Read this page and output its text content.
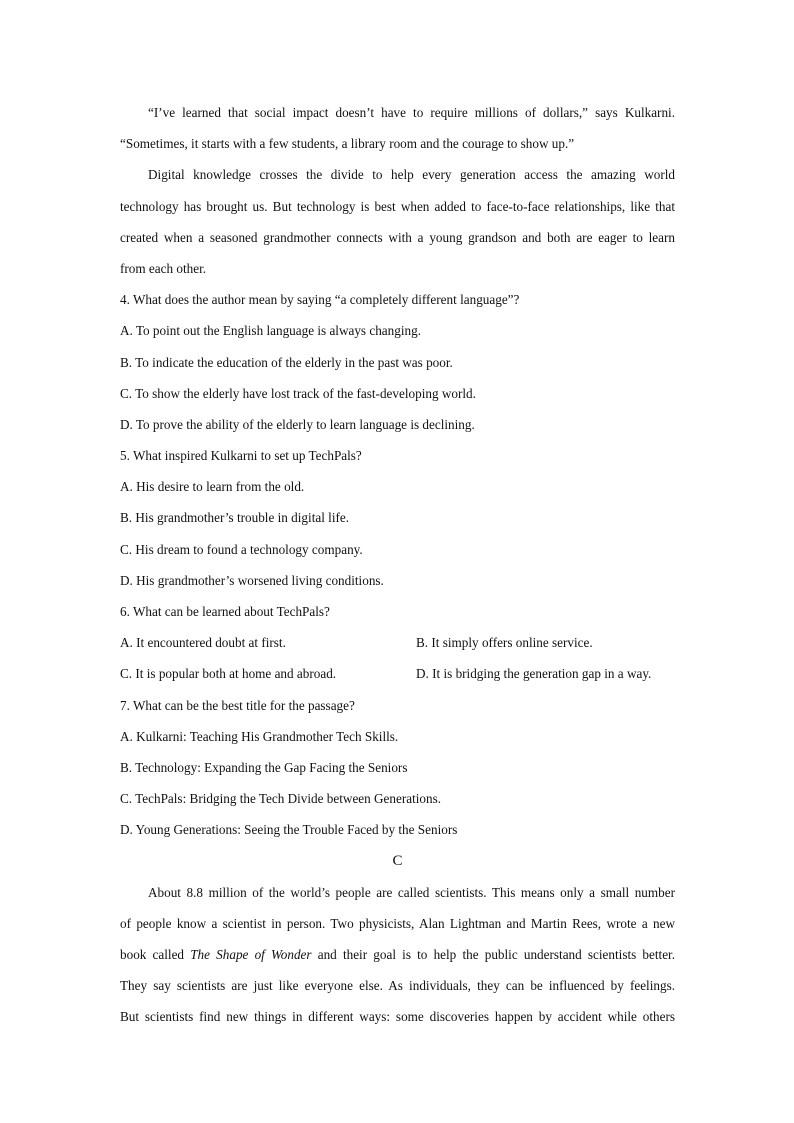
“I’ve learned that social impact doesn’t have to require millions of dollars,” says Kulkarni.
“Sometimes, it starts with a few students, a library room and the courage to show up.”
Digital knowledge crosses the divide to help every generation access the amazing world
technology has brought us. But technology is best when added to face-to-face relationships, like that
created when a seasoned grandmother connects with a young grandson and both are eager to learn
from each other.
4. What does the author mean by saying “a completely different language”?
A. To point out the English language is always changing.
B. To indicate the education of the elderly in the past was poor.
C. To show the elderly have lost track of the fast-developing world.
D. To prove the ability of the elderly to learn language is declining.
5. What inspired Kulkarni to set up TechPals?
A. His desire to learn from the old.
B. His grandmother’s trouble in digital life.
C. His dream to found a technology company.
D. His grandmother’s worsened living conditions.
6. What can be learned about TechPals?
A. It encountered doubt at first.	B. It simply offers online service.
C. It is popular both at home and abroad.	D. It is bridging the generation gap in a way.
7. What can be the best title for the passage?
A. Kulkarni: Teaching His Grandmother Tech Skills.
B. Technology: Expanding the Gap Facing the Seniors
C. TechPals: Bridging the Tech Divide between Generations.
D. Young Generations: Seeing the Trouble Faced by the Seniors
C
About 8.8 million of the world’s people are called scientists. This means only a small number
of people know a scientist in person. Two physicists, Alan Lightman and Martin Rees, wrote a new
book called The Shape of Wonder and their goal is to help the public understand scientists better.
They say scientists are just like everyone else. As individuals, they can be influenced by feelings.
But scientists find new things in different ways: some discoveries happen by accident while others
